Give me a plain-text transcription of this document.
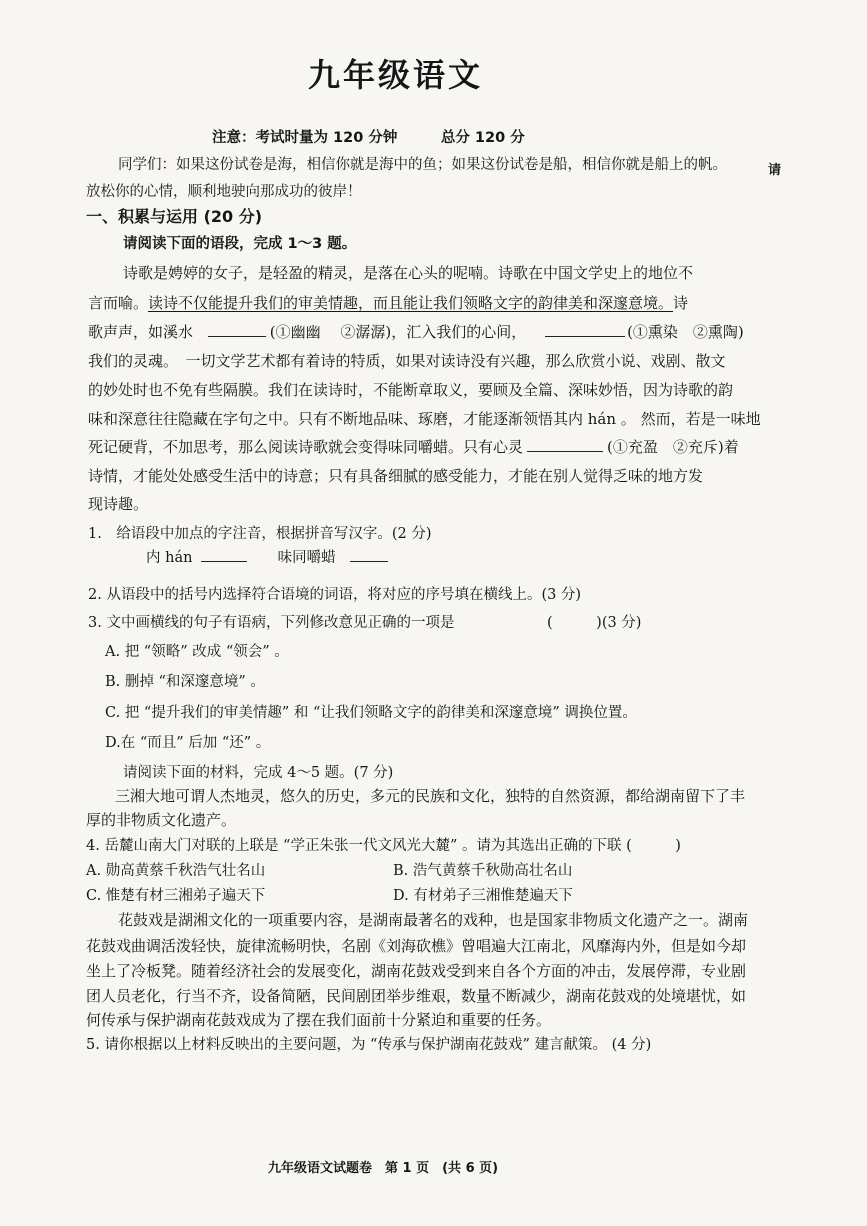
九年级语文
注意：考试时量为 120 分钟　　　总分 120 分
同学们：如果这份试卷是海，相信你就是海中的鱼；如果这份试卷是船，相信你就是船上的帆。	请
放松你的心情，顺利地驶向那成功的彼岸！
一、积累与运用 (20 分)
请阅读下面的语段，完成 1～3 题。
诗歌是娉婷的女子，是轻盈的精灵，是落在心头的呢喃。诗歌在中国文学史上的地位不
言而喻。读诗不仅能提升我们的审美情趣，而且能让我们领略文字的韵律美和深邃意境。诗
歌声声，如溪水	(①幽幽　 ②潺潺)，汇入我们的心间，	(①熏染　②熏陶)
我们的灵魂。　一切文学艺术都有着诗的特质，如果对读诗没有兴趣，那么欣赏小说、戏剧、散文
的妙处时也不免有些隔膜。我们在读诗时，不能断章取义，要顾及全篇、深味妙悟，因为诗歌的韵
味和深意往往隐藏在字句之中。只有不断地品味、琢磨，才能逐渐领悟其内 hán 。 然而，若是一味地
死记硬背，不加思考，那么阅读诗歌就会变得味同嚼蜡。只有心灵	(①充盈　②充斥)着
诗情，才能处处感受生活中的诗意；只有具备细腻的感受能力，才能在别人觉得乏味的地方发
现诗趣。
1.　给语段中加点的字注音，根据拼音写汉字。(2 分)
内 hán	味同嚼蜡
2. 从语段中的括号内选择符合语境的词语，将对应的序号填在横线上。(3 分)
3. 文中画横线的句子有语病，下列修改意见正确的一项是	(　　　)(3 分)
A. 把 “领略” 改成 “领会” 。
B. 删掉 “和深邃意境” 。
C. 把 “提升我们的审美情趣” 和 “让我们领略文字的韵律美和深邃意境” 调换位置。
D.在 “而且” 后加 “还” 。
请阅读下面的材料，完成 4～5 题。(7 分)
三湘大地可谓人杰地灵，悠久的历史，多元的民族和文化，独特的自然资源，都给湖南留下了丰
厚的非物质文化遗产。
4. 岳麓山南大门对联的上联是 “学正朱张一代文风光大麓” 。请为其选出正确的下联 (　　　)
A. 勋高黄蔡千秋浩气壮名山	B. 浩气黄蔡千秋勋高壮名山
C. 惟楚有材三湘弟子遍天下	D. 有材弟子三湘惟楚遍天下
花鼓戏是湖湘文化的一项重要内容，是湖南最著名的戏种，也是国家非物质文化遗产之一。湖南
花鼓戏曲调活泼轻快，旋律流畅明快，名剧《刘海砍樵》曾唱遍大江南北，风靡海内外，但是如今却
坐上了冷板凳。随着经济社会的发展变化，湖南花鼓戏受到来自各个方面的冲击，发展停滞，专业剧
团人员老化，行当不齐，设备简陋，民间剧团举步维艰，数量不断减少，湖南花鼓戏的处境堪忧，如
何传承与保护湖南花鼓戏成为了摆在我们面前十分紧迫和重要的任务。
5. 请你根据以上材料反映出的主要问题，为 “传承与保护湖南花鼓戏” 建言献策。 (4 分)
九年级语文试题卷　第 1 页　(共 6 页)
